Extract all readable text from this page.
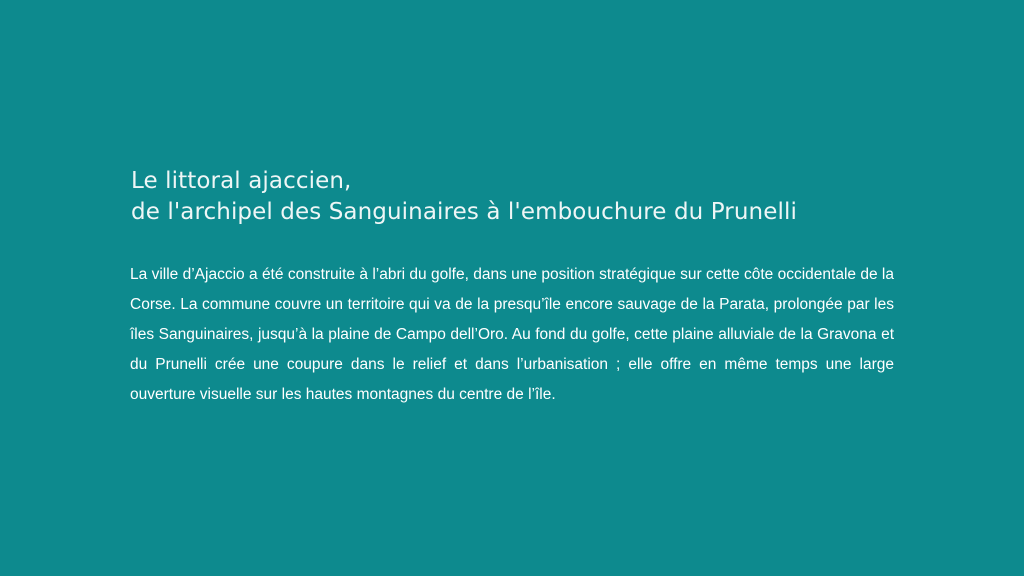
Le littoral ajaccien,
de l'archipel des Sanguinaires à l'embouchure du Prunelli

La ville d’Ajaccio a été construite à l’abri du golfe, dans une position stratégique sur cette côte occidentale de la Corse. La commune couvre un territoire qui va de la presqu’île encore sauvage de la Parata, prolongée par les îles Sanguinaires, jusqu’à la plaine de Campo dell’Oro. Au fond du golfe, cette plaine alluviale de la Gravona et du Prunelli crée une coupure dans le relief et dans l’urbanisation ; elle offre en même temps une large ouverture visuelle sur les hautes montagnes du centre de l’île.
